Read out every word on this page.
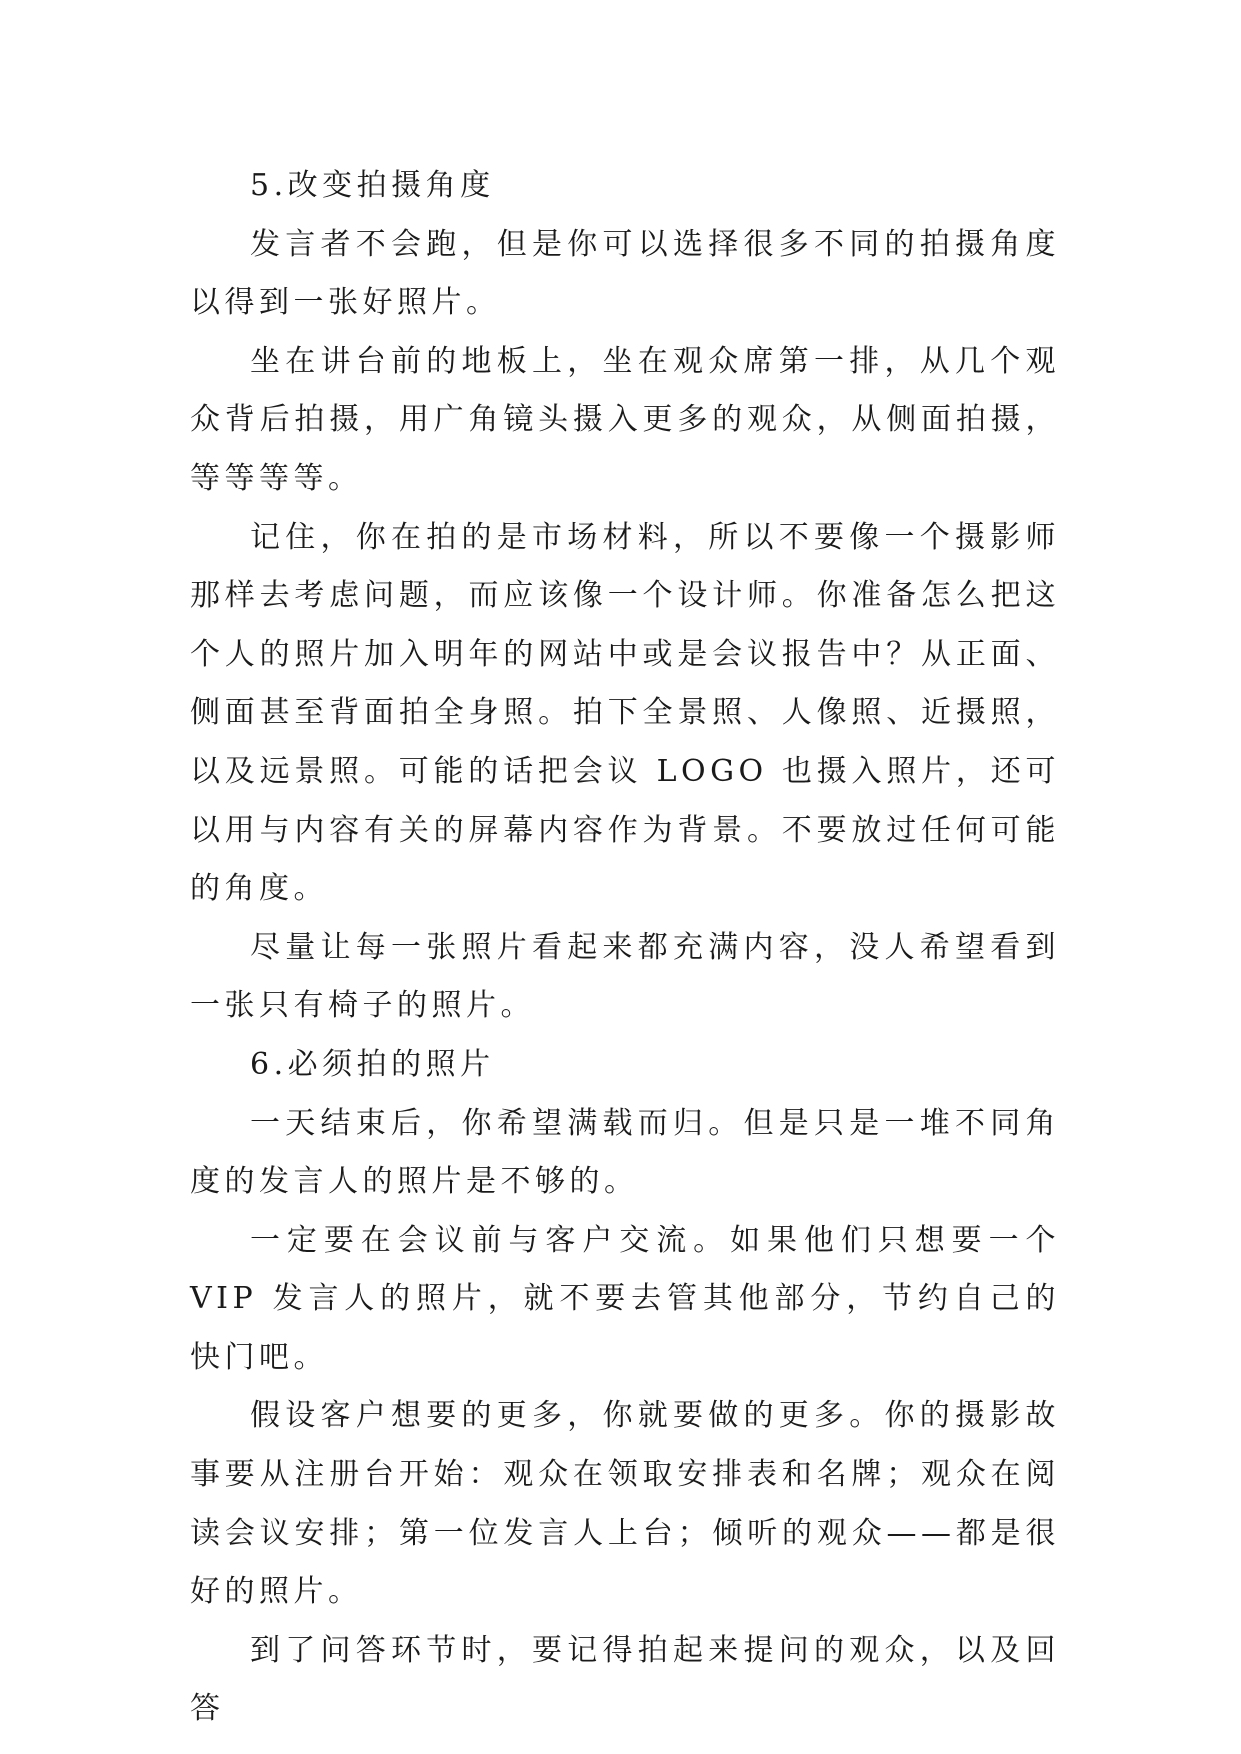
5.改变拍摄角度

发言者不会跑，但是你可以选择很多不同的拍摄角度以得到一张好照片。

坐在讲台前的地板上，坐在观众席第一排，从几个观众背后拍摄，用广角镜头摄入更多的观众，从侧面拍摄，等等等等。

记住，你在拍的是市场材料，所以不要像一个摄影师那样去考虑问题，而应该像一个设计师。你准备怎么把这个人的照片加入明年的网站中或是会议报告中？从正面、侧面甚至背面拍全身照。拍下全景照、人像照、近摄照，以及远景照。可能的话把会议 LOGO 也摄入照片，还可以用与内容有关的屏幕内容作为背景。不要放过任何可能的角度。

尽量让每一张照片看起来都充满内容，没人希望看到一张只有椅子的照片。

6.必须拍的照片

一天结束后，你希望满载而归。但是只是一堆不同角度的发言人的照片是不够的。

一定要在会议前与客户交流。如果他们只想要一个 VIP 发言人的照片，就不要去管其他部分，节约自己的快门吧。

假设客户想要的更多，你就要做的更多。你的摄影故事要从注册台开始：观众在领取安排表和名牌；观众在阅读会议安排；第一位发言人上台；倾听的观众——都是很好的照片。

到了问答环节时，要记得拍起来提问的观众，以及回答
